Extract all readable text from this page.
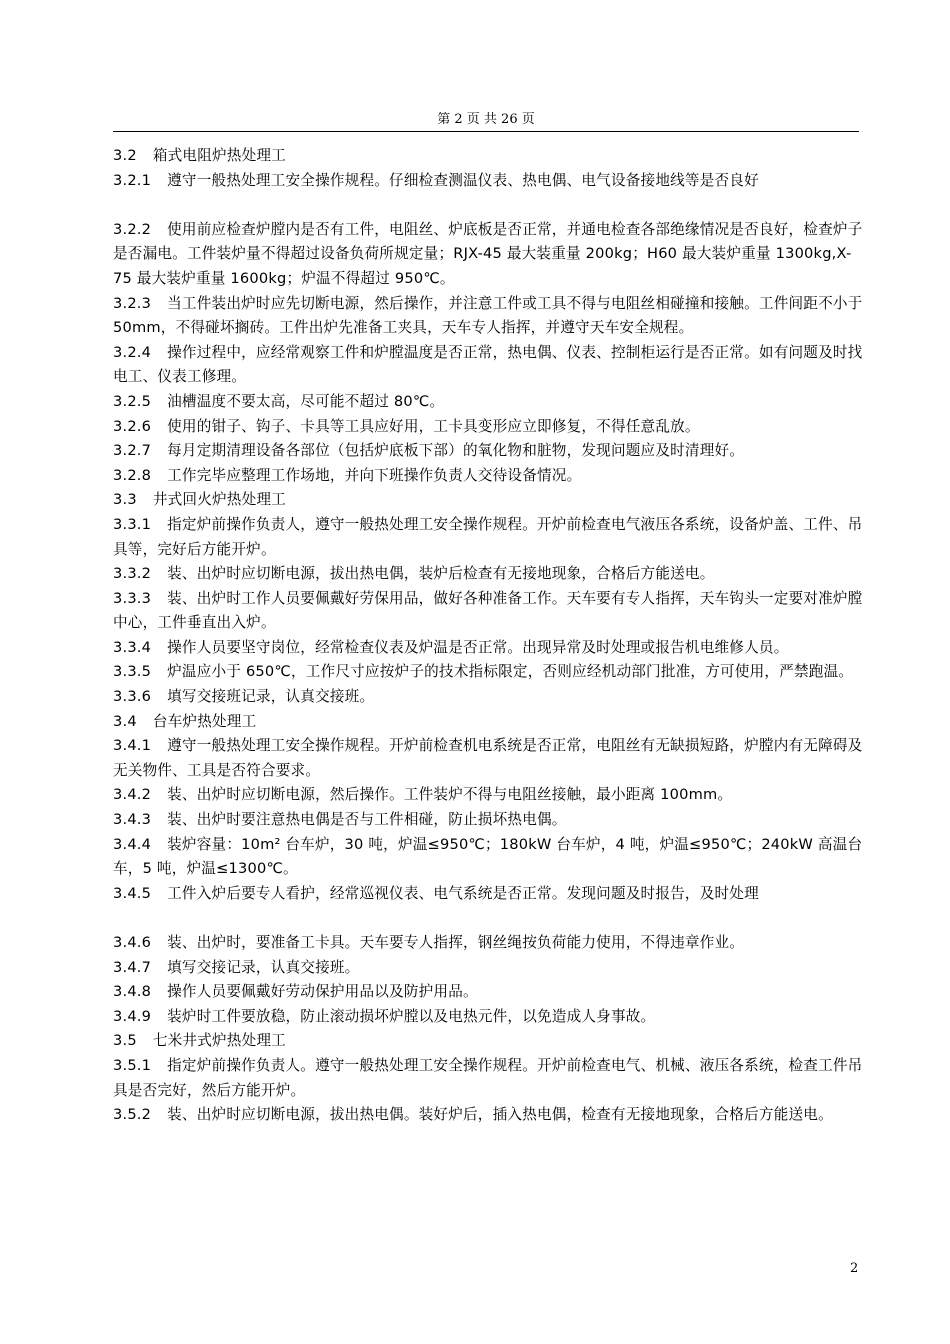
第 2 页 共 26 页

3.2 箱式电阻炉热处理工

3.2.1 遵守一般热处理工安全操作规程。仔细检查测温仪表、热电偶、电气设备接地线等是否良好

3.2.2 使用前应检查炉膛内是否有工件，电阻丝、炉底板是否正常，并通电检查各部绝缘情况是否良好，检查炉子是否漏电。工件装炉量不得超过设备负荷所规定量；RJX-45 最大装重量 200kg；H60 最大装炉重量 1300kg,X-75 最大装炉重量 1600kg；炉温不得超过 950℃。

3.2.3 当工件装出炉时应先切断电源，然后操作，并注意工件或工具不得与电阻丝相碰撞和接触。工件间距不小于 50mm，不得碰坏搁砖。工件出炉先准备工夹具，天车专人指挥，并遵守天车安全规程。

3.2.4 操作过程中，应经常观察工件和炉膛温度是否正常，热电偶、仪表、控制柜运行是否正常。如有问题及时找电工、仪表工修理。

3.2.5 油槽温度不要太高，尽可能不超过 80℃。

3.2.6 使用的钳子、钩子、卡具等工具应好用，工卡具变形应立即修复，不得任意乱放。

3.2.7 每月定期清理设备各部位（包括炉底板下部）的氧化物和脏物，发现问题应及时清理好。

3.2.8 工作完毕应整理工作场地，并向下班操作负责人交待设备情况。

3.3 井式回火炉热处理工

3.3.1 指定炉前操作负责人，遵守一般热处理工安全操作规程。开炉前检查电气液压各系统，设备炉盖、工件、吊具等，完好后方能开炉。

3.3.2 装、出炉时应切断电源，拔出热电偶，装炉后检查有无接地现象，合格后方能送电。

3.3.3 装、出炉时工作人员要佩戴好劳保用品，做好各种准备工作。天车要有专人指挥，天车钩头一定要对准炉膛中心，工件垂直出入炉。

3.3.4 操作人员要坚守岗位，经常检查仪表及炉温是否正常。出现异常及时处理或报告机电维修人员。

3.3.5 炉温应小于 650℃，工作尺寸应按炉子的技术指标限定，否则应经机动部门批准，方可使用，严禁跑温。

3.3.6 填写交接班记录，认真交接班。

3.4 台车炉热处理工

3.4.1 遵守一般热处理工安全操作规程。开炉前检查机电系统是否正常，电阻丝有无缺损短路，炉膛内有无障碍及无关物件、工具是否符合要求。

3.4.2 装、出炉时应切断电源，然后操作。工件装炉不得与电阻丝接触，最小距离 100mm。

3.4.3 装、出炉时要注意热电偶是否与工件相碰，防止损坏热电偶。

3.4.4 装炉容量：10m² 台车炉，30 吨，炉温≤950℃；180kW 台车炉，4 吨，炉温≤950℃；240kW 高温台车，5 吨，炉温≤1300℃。

3.4.5 工件入炉后要专人看护，经常巡视仪表、电气系统是否正常。发现问题及时报告，及时处理

3.4.6 装、出炉时，要准备工卡具。天车要专人指挥，钢丝绳按负荷能力使用，不得违章作业。

3.4.7 填写交接记录，认真交接班。

3.4.8 操作人员要佩戴好劳动保护用品以及防护用品。

3.4.9 装炉时工件要放稳，防止滚动损坏炉膛以及电热元件，以免造成人身事故。

3.5 七米井式炉热处理工

3.5.1 指定炉前操作负责人。遵守一般热处理工安全操作规程。开炉前检查电气、机械、液压各系统，检查工件吊具是否完好，然后方能开炉。

3.5.2 装、出炉时应切断电源，拔出热电偶。装好炉后，插入热电偶，检查有无接地现象，合格后方能送电。

2
